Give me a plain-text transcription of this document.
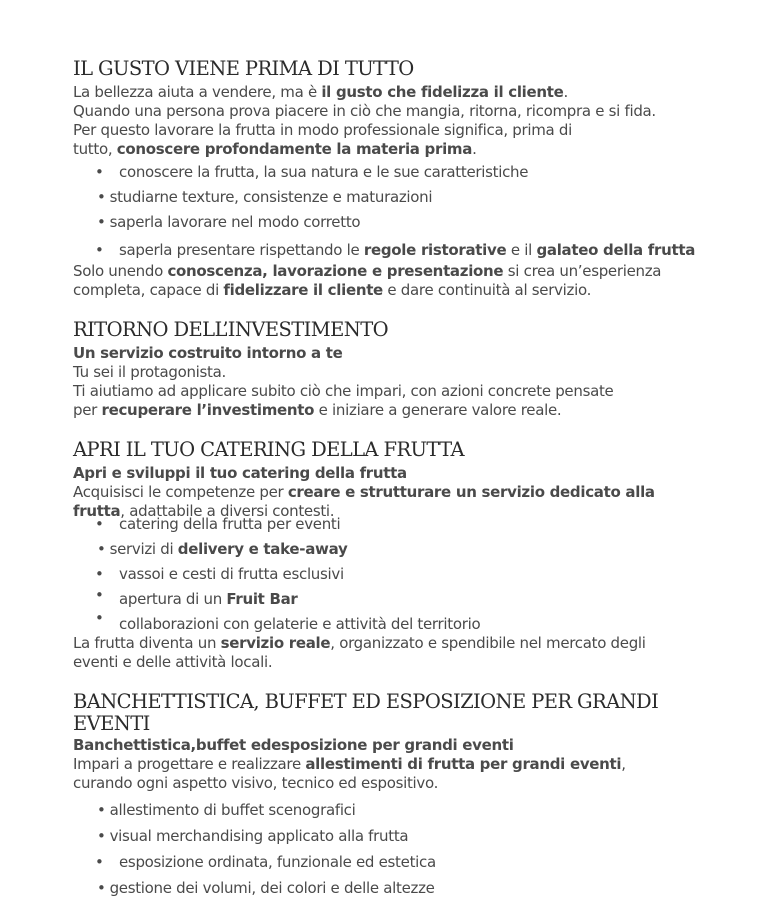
IL GUSTO VIENE PRIMA DI TUTTO

La bellezza aiuta a vendere, ma è il gusto che fidelizza il cliente.

Quando una persona prova piacere in ciò che mangia, ritorna, ricompra e si fida.

Per questo lavorare la frutta in modo professionale significa, prima di
tutto, conoscere profondamente la materia prima.

• conoscere la frutta, la sua natura e le sue caratteristiche
• studiarne texture, consistenze e maturazioni
• saperla lavorare nel modo corretto
• saperla presentare rispettando le regole ristorative e il galateo della frutta

Solo unendo conoscenza, lavorazione e presentazione si crea un’esperienza
completa, capace di fidelizzare il cliente e dare continuità al servizio.

RITORNO DELL’INVESTIMENTO
Un servizio costruito intorno a te

Tu sei il protagonista.

Ti aiutiamo ad applicare subito ciò che impari, con azioni concrete pensate
per recuperare l’investimento e iniziare a generare valore reale.

APRI IL TUO CATERING DELLA FRUTTA
Apri e sviluppi il tuo catering della frutta

Acquisisci le competenze per creare e strutturare un servizio dedicato alla
frutta, adattabile a diversi contesti.

• catering della frutta per eventi
• servizi di delivery e take-away
• vassoi e cesti di frutta esclusivi
• apertura di un Fruit Bar
• collaborazioni con gelaterie e attività del territorio

La frutta diventa un servizio reale, organizzato e spendibile nel mercato degli
eventi e delle attività locali.

BANCHETTISTICA, BUFFET ED ESPOSIZIONE PER GRANDI EVENTI
Banchettistica,buffet edesposizione per grandi eventi

Impari a progettare e realizzare allestimenti di frutta per grandi eventi,

curando ogni aspetto visivo, tecnico ed espositivo.

• allestimento di buffet scenografici
• visual merchandising applicato alla frutta
• esposizione ordinata, funzionale ed estetica
• gestione dei volumi, dei colori e delle altezze
